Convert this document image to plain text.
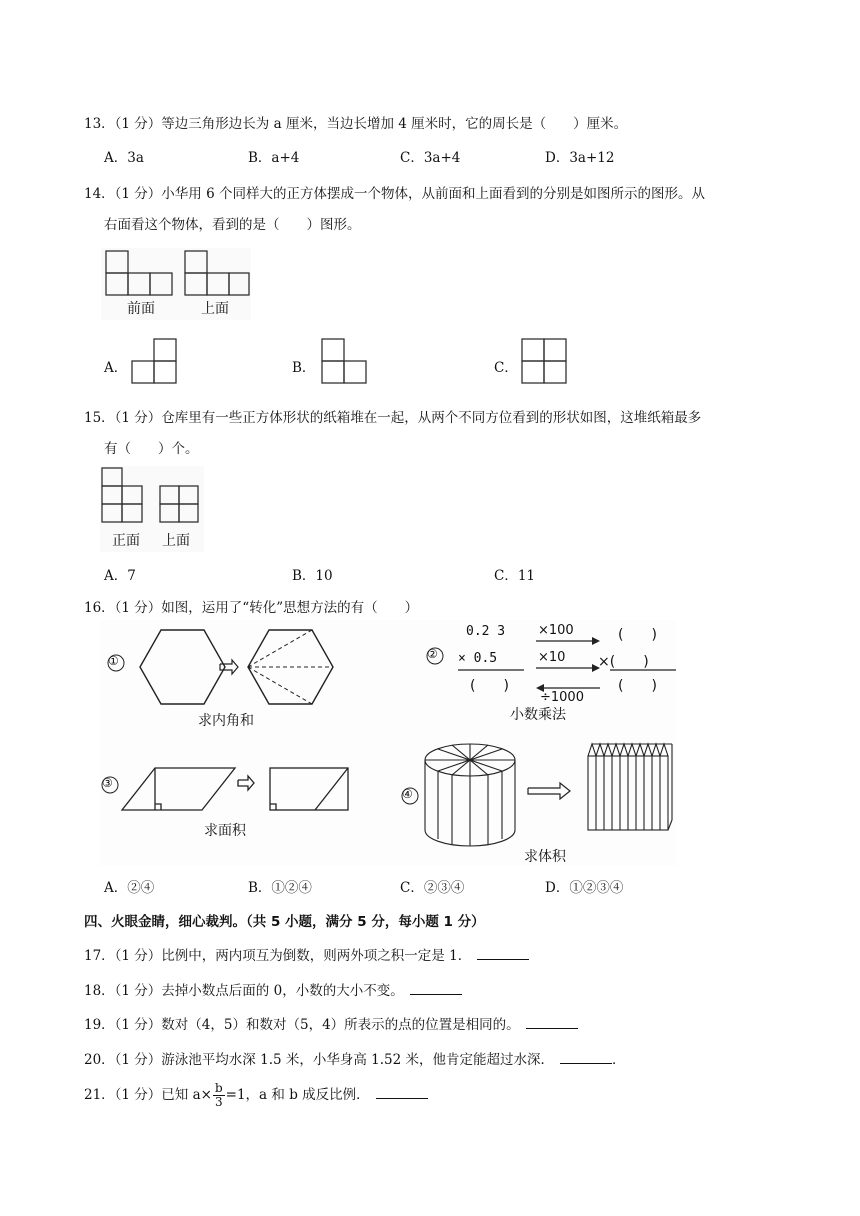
13．（1 分）等边三角形边长为 a 厘米，当边长增加 4 厘米时，它的周长是（　　）厘米。
A．3a	B．a+4	C．3a+4	D．3a+12
14．（1 分）小华用 6 个同样大的正方体摆成一个物体，从前面和上面看到的分别是如图所示的图形。从
右面看这个物体，看到的是（　　）图形。
前面	上面
A．	B．	C．
15．（1 分）仓库里有一些正方体形状的纸箱堆在一起，从两个不同方位看到的形状如图，这堆纸箱最多
有（　　）个。
正面 上面
A．7	B．10	C．11
16．（1 分）如图，运用了“转化”思想方法的有（　　）
①
求内角和
②
0.2 3
× 0.5
(　　)
×100
×10
÷1000
(　　)
×(　　)
(　　)
小数乘法
③
求面积
④
求体积
A．②④	B．①②④	C．②③④	D．①②③④
四、火眼金睛，细心裁判。（共 5 小题，满分 5 分，每小题 1 分）
17．（1 分）比例中，两内项互为倒数，则两外项之积一定是 1．
18．（1 分）去掉小数点后面的 0，小数的大小不变。
19．（1 分）数对（4，5）和数对（5，4）所表示的点的位置是相同的。
20．（1 分）游泳池平均水深 1.5 米，小华身高 1.52 米，他肯定能超过水深．	．
21．（1 分）已知 $a\times \frac{b}{3} =1$，a 和 b 成反比例．
